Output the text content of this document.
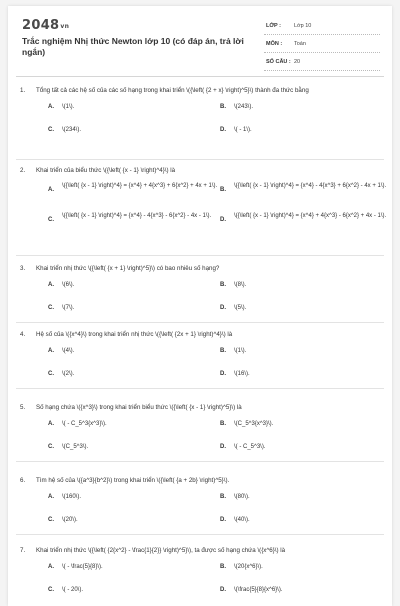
2048vn
Trắc nghiệm Nhị thức Newton lớp 10 (có đáp án, trả lời ngắn)
LỚP : Lớp 10
MÔN : Toán
SỐ CÂU : 20
1. Tổng tất cả các hệ số của các số hạng trong khai triển \({\left( {2 + x} \right)^5}\) thành đa thức bằng
A. \(1\).	B. \(243\).
C. \(234\).	D. \( - 1\).
2. Khai triển của biểu thức \({\left( {x - 1} \right)^4}\) là
A.
\({\left( {x - 1} \right)^4} = {x^4} + 4{x^3} + 6{x^2} + 4x + 1\).
B.
\({\left( {x - 1} \right)^4} = {x^4} - 4{x^3} + 6{x^2} - 4x + 1\).
C.
\({\left( {x - 1} \right)^4} = {x^4} - 4{x^3} - 6{x^2} - 4x - 1\).
D.
\({\left( {x - 1} \right)^4} = {x^4} + 4{x^3} - 6{x^2} + 4x - 1\).
3. Khai triển nhị thức \({\left( {x + 1} \right)^5}\) có bao nhiêu số hạng?
A. \(6\).	B. \(8\).
C. \(7\).	D. \(5\).
4. Hệ số của \({x^4}\) trong khai triển nhị thức \({\left( {2x + 1} \right)^4}\) là
A. \(4\).	B. \(1\).
C. \(2\).	D. \(16\).
5. Số hạng chứa \({x^3}\) trong khai triển biểu thức \({\left( {x - 1} \right)^5}\) là
A. \( - C_5^3{x^3}\).	B. \(C_5^3{x^3}\).
C. \(C_5^3\).	D. \( - C_5^3\).
6. Tìm hệ số của \({a^3}{b^2}\) trong khai triển \({\left( {a + 2b} \right)^5}\).
A. \(160\).	B. \(80\).
C. \(20\).	D. \(40\).
7. Khai triển nhị thức \({\left( {2{x^2} - \frac{1}{2}} \right)^5}\), ta được số hạng chứa \({x^6}\) là
A. \( - \frac{5}{8}\).	B. \(20{x^6}\).
C. \( - 20\).	D. \(\frac{5}{8}{x^6}\).
